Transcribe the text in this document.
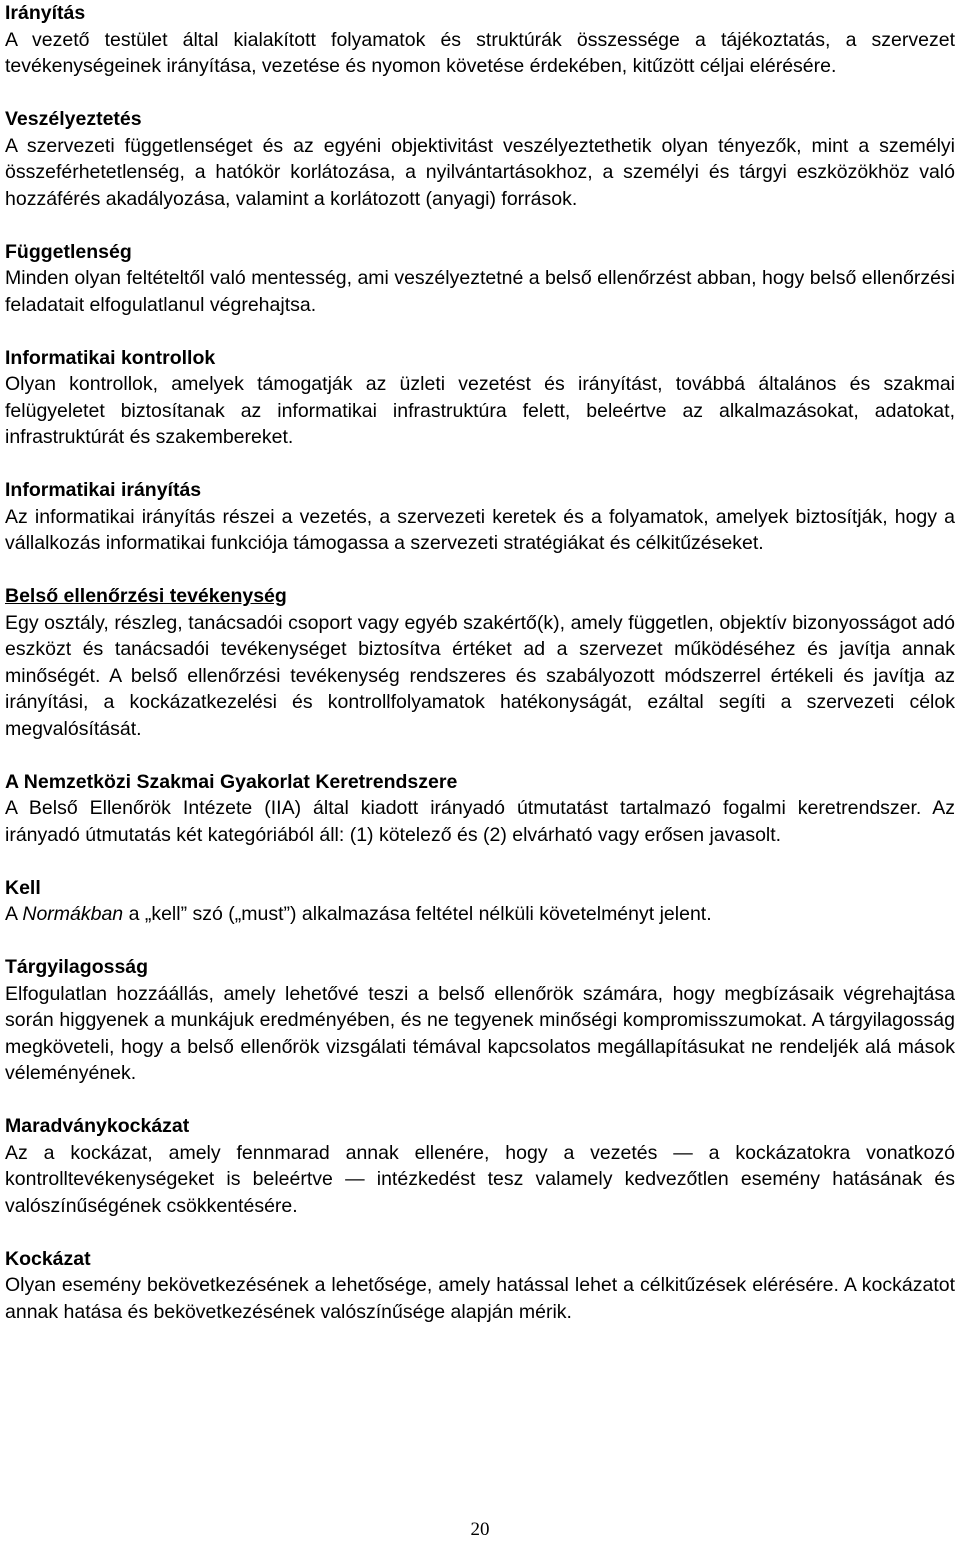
Irányítás

A vezető testület által kialakított folyamatok és struktúrák összessége a tájékoztatás, a szervezet tevékenységeinek irányítása, vezetése és nyomon követése érdekében, kitűzött céljai elérésére.

Veszélyeztetés

A szervezeti függetlenséget és az egyéni objektivitást veszélyeztethetik olyan tényezők, mint a személyi összeférhetetlenség, a hatókör korlátozása, a nyilvántartásokhoz, a személyi és tárgyi eszközökhöz való hozzáférés akadályozása, valamint a korlátozott (anyagi) források.

Függetlenség

Minden olyan feltételtől való mentesség, ami veszélyeztetné a belső ellenőrzést abban, hogy belső ellenőrzési feladatait elfogulatlanul végrehajtsa.

Informatikai kontrollok

Olyan kontrollok, amelyek támogatják az üzleti vezetést és irányítást, továbbá általános és szakmai felügyeletet biztosítanak az informatikai infrastruktúra felett, beleértve az alkalmazásokat, adatokat, infrastruktúrát és szakembereket.

Informatikai irányítás

Az informatikai irányítás részei a vezetés, a szervezeti keretek és a folyamatok, amelyek biztosítják, hogy a vállalkozás informatikai funkciója támogassa a szervezeti stratégiákat és célkitűzéseket.

Belső ellenőrzési tevékenység

Egy osztály, részleg, tanácsadói csoport vagy egyéb szakértő(k), amely független, objektív bizonyosságot adó eszközt és tanácsadói tevékenységet biztosítva értéket ad a szervezet működéséhez és javítja annak minőségét. A belső ellenőrzési tevékenység rendszeres és szabályozott módszerrel értékeli és javítja az irányítási, a kockázatkezelési és kontrollfolyamatok hatékonyságát, ezáltal segíti a szervezeti célok megvalósítását.

A Nemzetközi Szakmai Gyakorlat Keretrendszere

A Belső Ellenőrök Intézete (IIA) által kiadott irányadó útmutatást tartalmazó fogalmi keretrendszer. Az irányadó útmutatás két kategóriából áll: (1) kötelező és (2) elvárható vagy erősen javasolt.

Kell

A Normákban a „kell” szó („must”) alkalmazása feltétel nélküli követelményt jelent.

Tárgyilagosság

Elfogulatlan hozzáállás, amely lehetővé teszi a belső ellenőrök számára, hogy megbízásaik végrehajtása során higgyenek a munkájuk eredményében, és ne tegyenek minőségi kompromisszumokat. A tárgyilagosság megköveteli, hogy a belső ellenőrök vizsgálati témával kapcsolatos megállapításukat ne rendeljék alá mások véleményének.

Maradványkockázat

Az a kockázat, amely fennmarad annak ellenére, hogy a vezetés — a kockázatokra vonatkozó kontrolltevékenységeket is beleértve — intézkedést tesz valamely kedvezőtlen esemény hatásának és valószínűségének csökkentésére.

Kockázat

Olyan esemény bekövetkezésének a lehetősége, amely hatással lehet a célkitűzések elérésére. A kockázatot annak hatása és bekövetkezésének valószínűsége alapján mérik.

20
